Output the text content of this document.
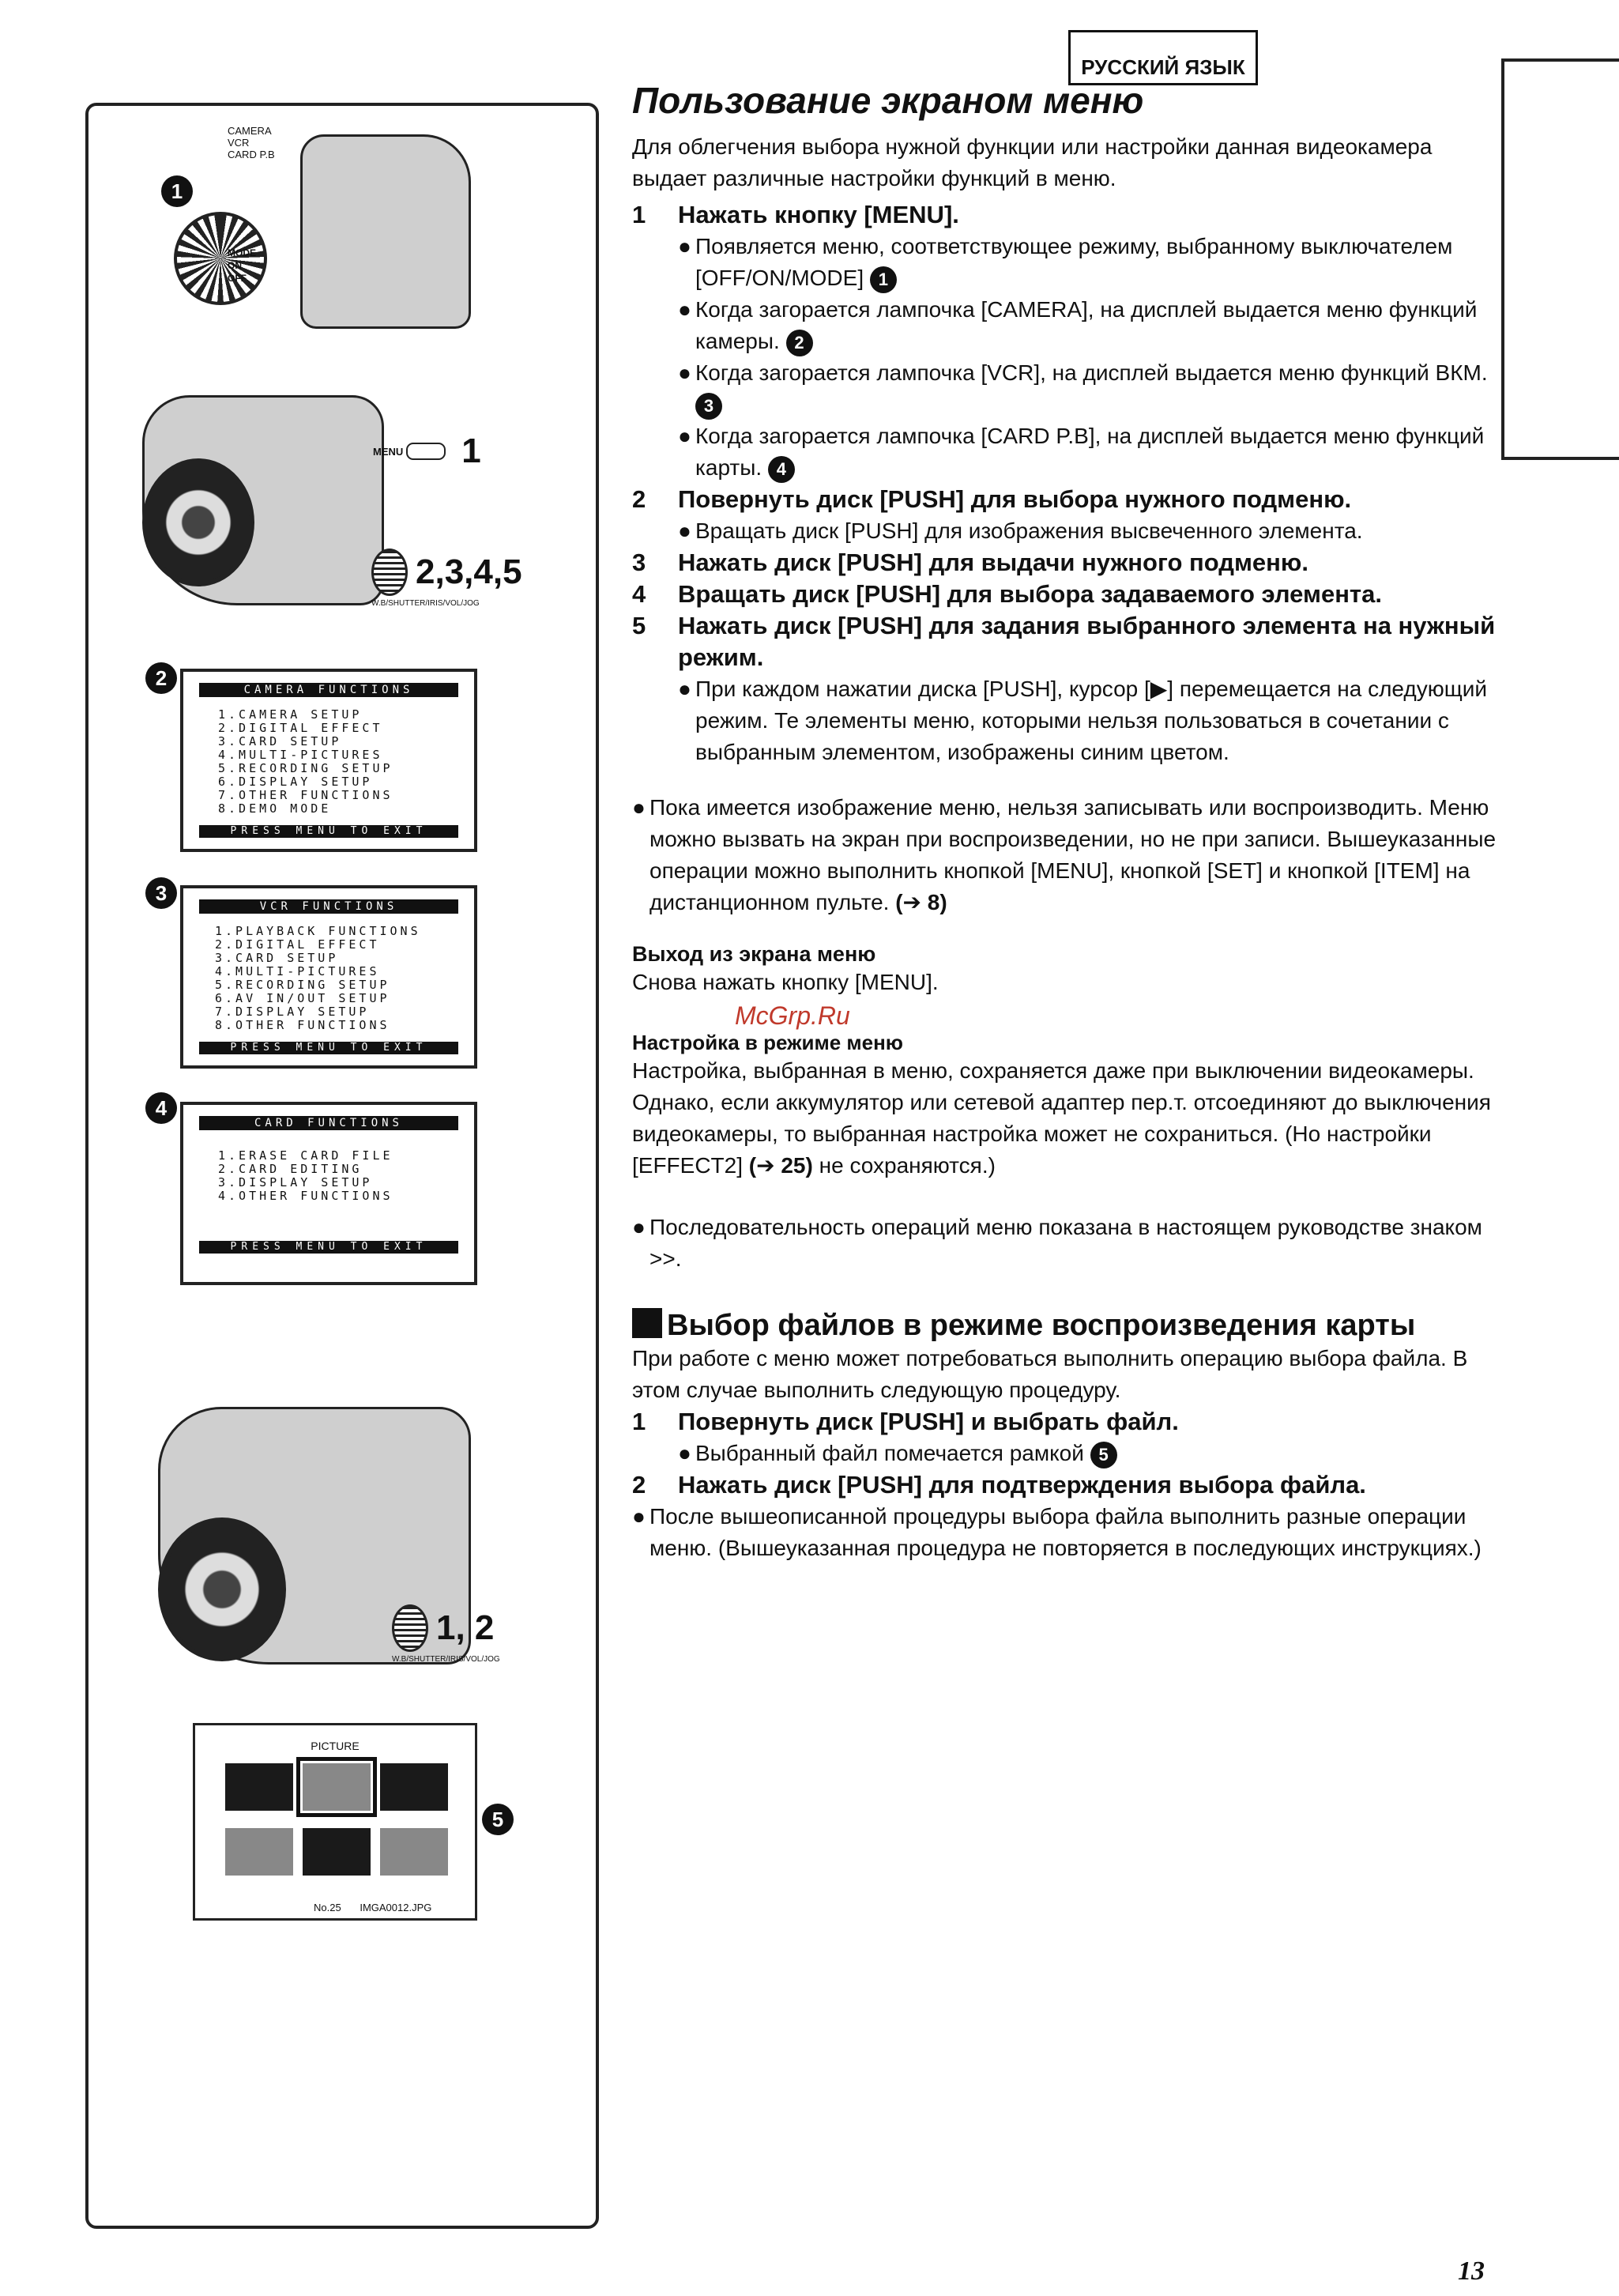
РУССКИЙ ЯЗЫК
CAMERA
VCR
CARD P.B
1
MODE
ON
OFF
MENU 1
2,3,4,5
W.B/SHUTTER/IRIS/VOL/JOG
2
CAMERA FUNCTIONS
1.CAMERA SETUP
2.DIGITAL EFFECT
3.CARD SETUP
4.MULTI-PICTURES
5.RECORDING SETUP
6.DISPLAY SETUP
7.OTHER FUNCTIONS
8.DEMO MODE
PRESS MENU TO EXIT
3
VCR FUNCTIONS
1.PLAYBACK FUNCTIONS
2.DIGITAL EFFECT
3.CARD SETUP
4.MULTI-PICTURES
5.RECORDING SETUP
6.AV IN/OUT SETUP
7.DISPLAY SETUP
8.OTHER FUNCTIONS
PRESS MENU TO EXIT
4
CARD FUNCTIONS
1.ERASE CARD FILE
2.CARD EDITING
3.DISPLAY SETUP
4.OTHER FUNCTIONS
PRESS MENU TO EXIT
1, 2
W.B/SHUTTER/IRIS/VOL/JOG
PICTURE
No.25 IMGA0012.JPG
5
Пользование экраном меню

Для облегчения выбора нужной функции или настройки данная видеокамера выдает различные настройки функций в меню.

1	Нажать кнопку [MENU].
● Появляется меню, соответствующее режиму, выбранному выключателем [OFF/ON/MODE] 1
● Когда загорается лампочка [CAMERA], на дисплей выдается меню функций камеры. 2
● Когда загорается лампочка [VCR], на дисплей выдается меню функций ВКМ. 3
● Когда загорается лампочка [CARD P.B], на дисплей выдается меню функций карты. 4
2	Повернуть диск [PUSH] для выбора нужного подменю.
● Вращать диск [PUSH] для изображения высвеченного элемента.
3	Нажать диск [PUSH] для выдачи нужного подменю.
4	Вращать диск [PUSH] для выбора задаваемого элемента.
5	Нажать диск [PUSH] для задания выбранного элемента на нужный режим.
● При каждом нажатии диска [PUSH], курсор [▶] перемещается на следующий режим. Те элементы меню, которыми нельзя пользоваться в сочетании с выбранным элементом, изображены синим цветом.
● Пока имеется изображение меню, нельзя записывать или воспроизводить. Меню можно вызвать на экран при воспроизведении, но не при записи. Вышеуказанные операции можно выполнить кнопкой [MENU], кнопкой [SET] и кнопкой [ITEM] на дистанционном пульте. (➔ 8)
Выход из экрана меню

Снова нажать кнопку [MENU].

McGrp.Ru
Настройка в режиме меню

Настройка, выбранная в меню, сохраняется даже при выключении видеокамеры. Однако, если аккумулятор или сетевой адаптер пер.т. отсоединяют до выключения видеокамеры, то выбранная настройка может не сохраниться. (Но настройки [EFFECT2] (➔ 25) не сохраняются.)

● Последовательность операций меню показана в настоящем руководстве знаком >>.
Выбор файлов в режиме воспроизведения карты

При работе с меню может потребоваться выполнить операцию выбора файла. В этом случае выполнить следующую процедуру.

1	Повернуть диск [PUSH] и выбрать файл.
● Выбранный файл помечается рамкой 5
2	Нажать диск [PUSH] для подтверждения выбора файла.
● После вышеописанной процедуры выбора файла выполнить разные операции меню. (Вышеуказанная процедура не повторяется в последующих инструкциях.)
13
